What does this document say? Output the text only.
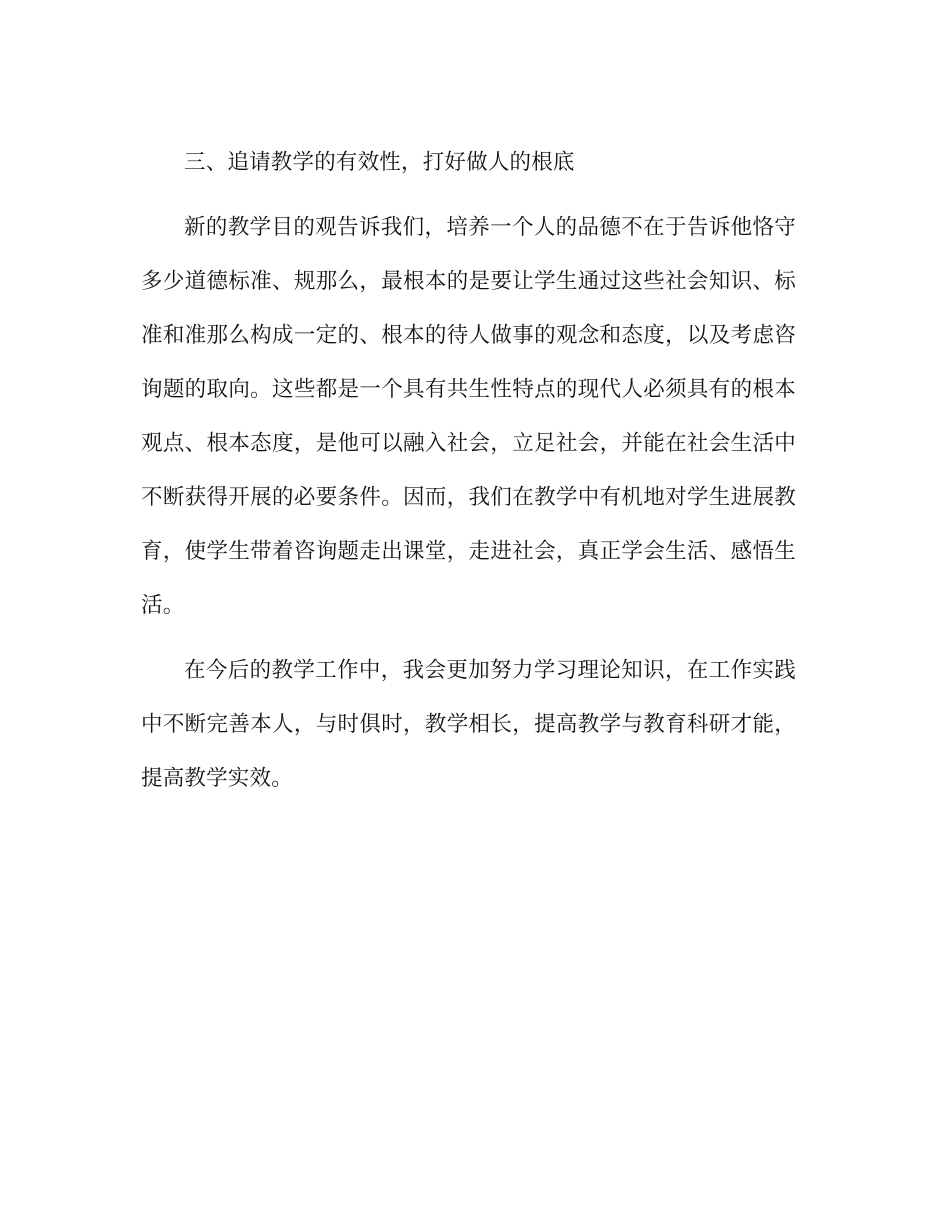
三、追请教学的有效性，打好做人的根底

新的教学目的观告诉我们，培养一个人的品德不在于告诉他恪守多少道德标准、规那么，最根本的是要让学生通过这些社会知识、标准和准那么构成一定的、根本的待人做事的观念和态度，以及考虑咨询题的取向。这些都是一个具有共生性特点的现代人必须具有的根本观点、根本态度，是他可以融入社会，立足社会，并能在社会生活中不断获得开展的必要条件。因而，我们在教学中有机地对学生进展教育，使学生带着咨询题走出课堂，走进社会，真正学会生活、感悟生活。

在今后的教学工作中，我会更加努力学习理论知识，在工作实践中不断完善本人，与时俱时，教学相长，提高教学与教育科研才能，提高教学实效。
